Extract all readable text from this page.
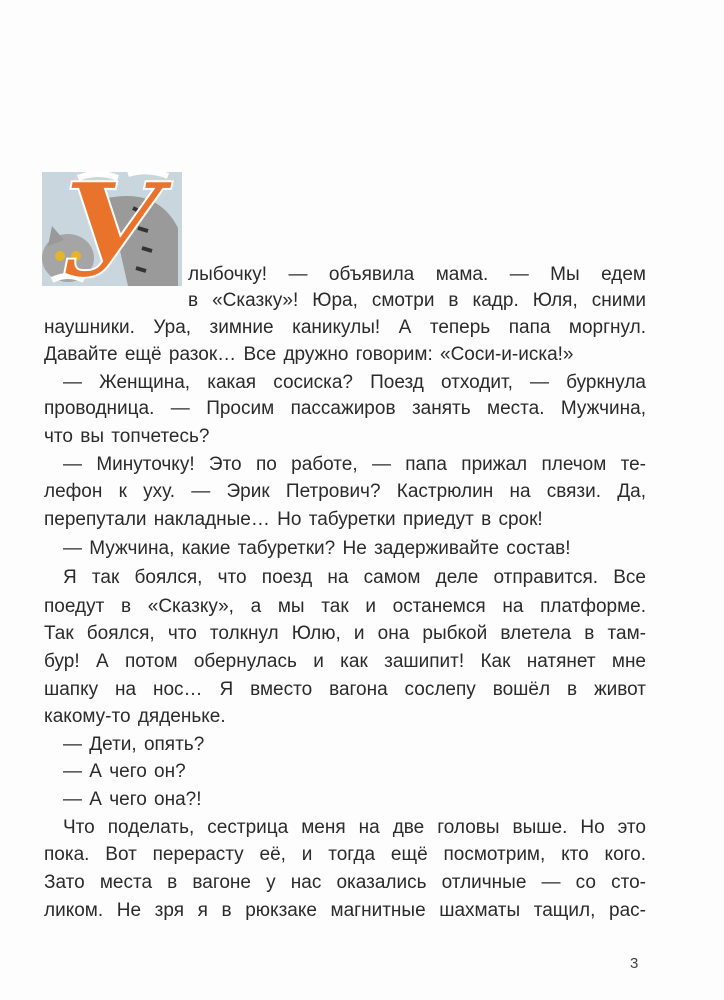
У	лыбочку! — объявила мама. — Мы едем
в «Сказку»! Юра, смотри в кадр. Юля, сними
наушники. Ура, зимние каникулы! А теперь папа моргнул.
Давайте ещё разок… Все дружно говорим: «Соси-и-иска!»
— Женщина, какая сосиска? Поезд отходит, — буркнула
проводница. — Просим пассажиров занять места. Мужчина,
что вы топчетесь?
— Минуточку! Это по работе, — папа прижал плечом те-
лефон к уху. — Эрик Петрович? Кастрюлин на связи. Да,
перепутали накладные… Но табуретки приедут в срок!
— Мужчина, какие табуретки? Не задерживайте состав!
Я так боялся, что поезд на самом деле отправится. Все
поедут в «Сказку», а мы так и останемся на платформе.
Так боялся, что толкнул Юлю, и она рыбкой влетела в там-
бур! А потом обернулась и как зашипит! Как натянет мне
шапку на нос… Я вместо вагона сослепу вошёл в живот
какому-то дяденьке.
— Дети, опять?
— А чего он?
— А чего она?!
Что поделать, сестрица меня на две головы выше. Но это
пока. Вот перерасту её, и тогда ещё посмотрим, кто кого.
Зато места в вагоне у нас оказались отличные — со сто-
ликом. Не зря я в рюкзаке магнитные шахматы тащил, рас-
3
